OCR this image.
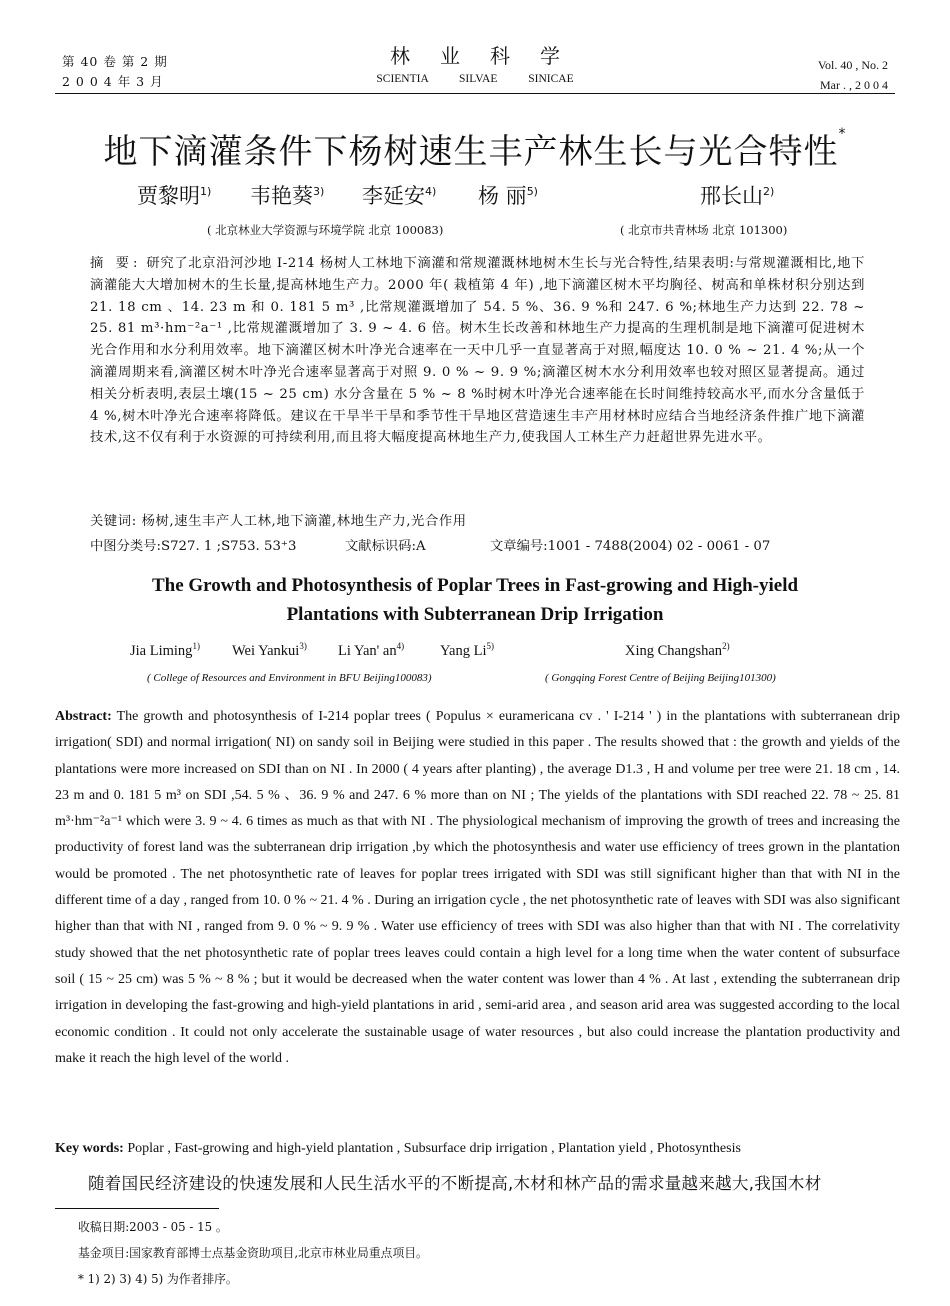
第 40 卷 第 2 期
2 0 0 4 年 3 月
林业科学
SCIENTIA SILVAE SINICAE
Vol. 40 , No. 2
Mar . , 2 0 0 4
地下滴灌条件下杨树速生丰产林生长与光合特性*
贾黎明$^{1)}$ 韦艳葵$^{3)}$ 李延安$^{4)}$ 杨 丽$^{5)}$	邢长山$^{2)}$
( 北京林业大学资源与环境学院 北京 100083)	( 北京市共青林场 北京 101300)
摘 要: 研究了北京沿河沙地 I-214 杨树人工林地下滴灌和常规灌溉林地树木生长与光合特性,结果表明:与常规灌溉相比,地下滴灌能大大增加树木的生长量,提高林地生产力。2000 年( 栽植第 4 年) ,地下滴灌区树木平均胸径、树高和单株材积分别达到 21. 18 cm 、14. 23 m 和 0. 181 5 m³ ,比常规灌溉增加了 54. 5 %、36. 9 %和 247. 6 %;林地生产力达到 22. 78 ~ 25. 81 m³·hm⁻²a⁻¹ ,比常规灌溉增加了 3. 9 ~ 4. 6 倍。树木生长改善和林地生产力提高的生理机制是地下滴灌可促进树木光合作用和水分利用效率。地下滴灌区树木叶净光合速率在一天中几乎一直显著高于对照,幅度达 10. 0 % ~ 21. 4 %;从一个滴灌周期来看,滴灌区树木叶净光合速率显著高于对照 9. 0 % ~ 9. 9 %;滴灌区树木水分利用效率也较对照区显著提高。通过相关分析表明,表层土壤(15 ~ 25 cm) 水分含量在 5 % ~ 8 %时树木叶净光合速率能在长时间维持较高水平,而水分含量低于 4 %,树木叶净光合速率将降低。建议在干旱半干旱和季节性干旱地区营造速生丰产用材林时应结合当地经济条件推广地下滴灌技术,这不仅有利于水资源的可持续利用,而且将大幅度提高林地生产力,使我国人工林生产力赶超世界先进水平。
关键词: 杨树,速生丰产人工林,地下滴灌,林地生产力,光合作用
中图分类号:S727. 1 ;S753. 53⁺3	文献标识码:A	文章编号:1001 - 7488(2004) 02 - 0061 - 07
The Growth and Photosynthesis of Poplar Trees in Fast-growing and High-yield
Plantations with Subterranean Drip Irrigation
Jia Liming$^{1)}$ Wei Yankui$^{3)}$ Li Yan' $an^{4)}$ Yang Li$^{5)}$	Xing Changshan$^{2)}$
( College of Resources and Environment in BFU Beijing100083)	( Gongqing Forest Centre of Beijing Beijing101300)
Abstract: The growth and photosynthesis of I-214 poplar trees ( Populus × euramericana cv . ' I-214 ' ) in the plantations with subterranean drip irrigation( SDI) and normal irrigation( NI) on sandy soil in Beijing were studied in this paper . The results showed that : the growth and yields of the plantations were more increased on SDI than on NI . In 2000 ( 4 years after planting) , the average D1.3 , H and volume per tree were 21. 18 cm , 14. 23 m and 0. 181 5 m³ on SDI ,54. 5 % 、36. 9 % and 247. 6 % more than on NI ; The yields of the plantations with SDI reached 22. 78 ~ 25. 81 m³·hm⁻²a⁻¹ which were 3. 9 ~ 4. 6 times as much as that with NI . The physiological mechanism of improving the growth of trees and increasing the productivity of forest land was the subterranean drip irrigation ,by which the photosynthesis and water use efficiency of trees grown in the plantation would be promoted . The net photosynthetic rate of leaves for poplar trees irrigated with SDI was still significant higher than that with NI in the different time of a day , ranged from 10. 0 % ~ 21. 4 % . During an irrigation cycle , the net photosynthetic rate of leaves with SDI was also significant higher than that with NI , ranged from 9. 0 % ~ 9. 9 % . Water use efficiency of trees with SDI was also higher than that with NI . The correlativity study showed that the net photosynthetic rate of poplar trees leaves could contain a high level for a long time when the water content of subsurface soil ( 15 ~ 25 cm) was 5 % ~ 8 % ; but it would be decreased when the water content was lower than 4 % . At last , extending the subterranean drip irrigation in developing the fast-growing and high-yield plantations in arid , semi-arid area , and season arid area was suggested according to the local economic condition . It could not only accelerate the sustainable usage of water resources , but also could increase the plantation productivity and make it reach the high level of the world .
Key words: Poplar , Fast-growing and high-yield plantation , Subsurface drip irrigation , Plantation yield , Photosynthesis
随着国民经济建设的快速发展和人民生活水平的不断提高,木材和林产品的需求量越来越大,我国木材
收稿日期:2003 - 05 - 15 。
基金项目:国家教育部博士点基金资助项目,北京市林业局重点项目。
* 1) 2) 3) 4) 5) 为作者排序。
